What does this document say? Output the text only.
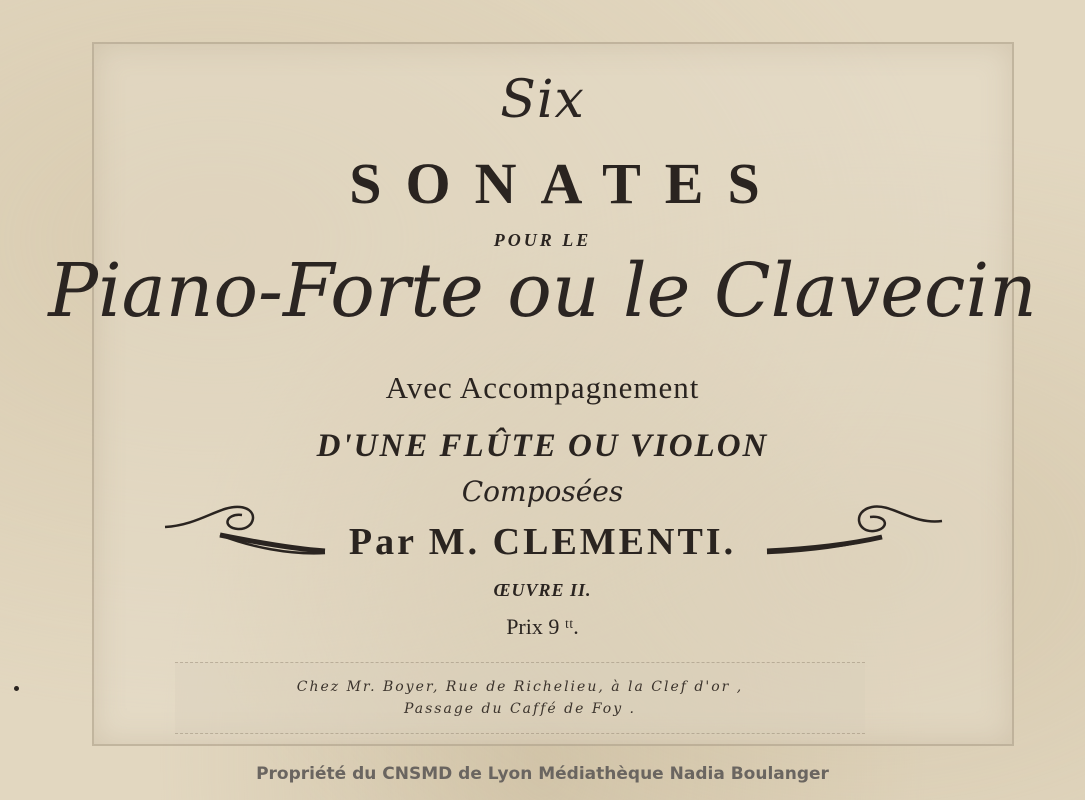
Six
SONATES
POUR LE
Piano-Forte ou le Clavecin
Avec Accompagnement
D'UNE FLÛTE OU VIOLON
Composées
Par M. CLEMENTI.
ŒUVRE II.
Prix 9 ᵗᵗ.
Chez Mr. Boyer, Rue de Richelieu, à la Clef d'or ,
Passage du Caffé de Foy .
Propriété du CNSMD de Lyon Médiathèque Nadia Boulanger
